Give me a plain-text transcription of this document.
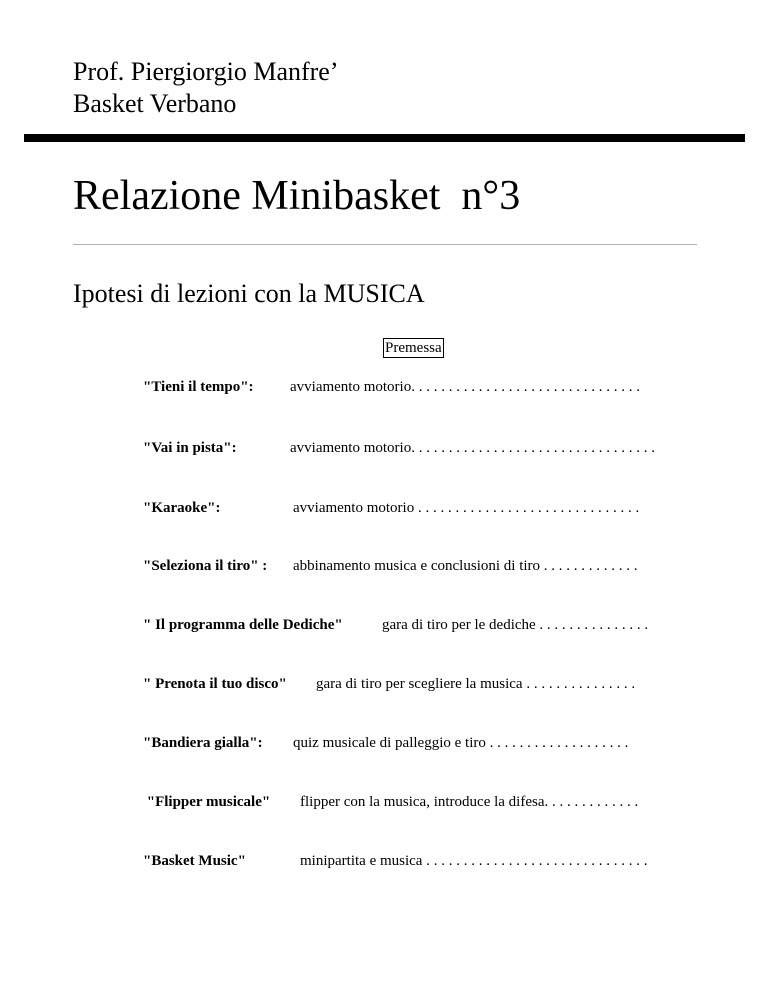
Prof. Piergiorgio Manfre’
Basket Verbano
Relazione Minibasket  n°3
Ipotesi di lezioni con la MUSICA
Premessa
"Tieni il tempo": avviamento motorio. . . . . . . . . . . . . . . . . . . . . . . . . . . . . . .
"Vai in pista":	avviamento motorio. . . . . . . . . . . . . . . . . . . . . . . . . . . . . . . . .
"Karaoke":	avviamento motorio . . . . . . . . . . . . . . . . . . . . . . . . . . . . . .
"Seleziona il tiro" : abbinamento musica e conclusioni di tiro . . . . . . . . . . . . .
" Il programma delle Dediche"	gara di tiro per le dediche . . . . . . . . . . . . . . .
" Prenota il tuo disco" gara di tiro per scegliere la musica . . . . . . . . . . . . . . .
"Bandiera gialla": quiz musicale di palleggio e tiro . . . . . . . . . . . . . . . . . . .
"Flipper musicale" flipper con la musica, introduce la difesa. . . . . . . . . . . . .
"Basket Music"	minipartita e musica . . . . . . . . . . . . . . . . . . . . . . . . . . . . . .
